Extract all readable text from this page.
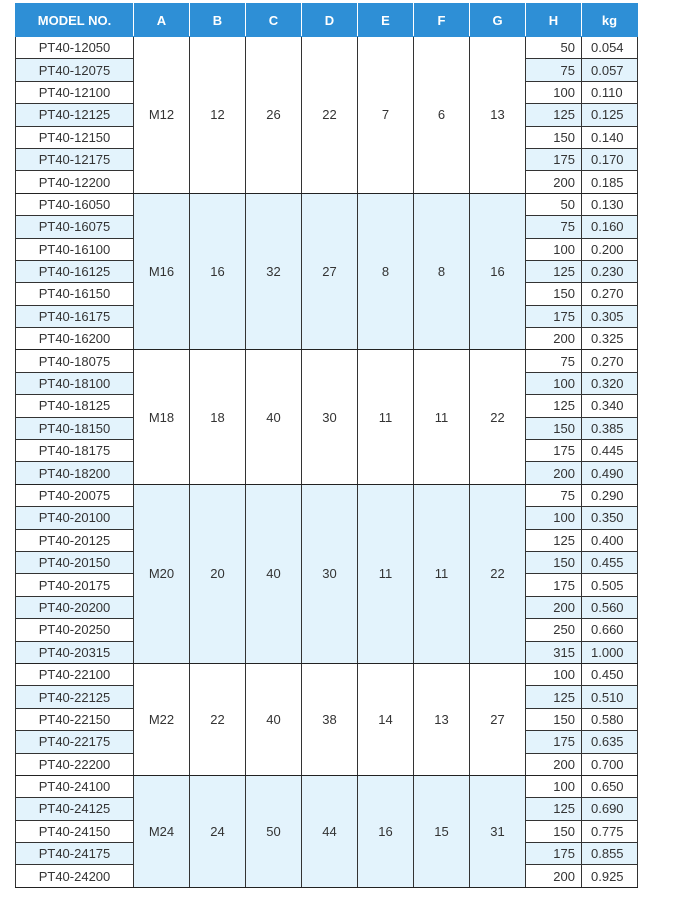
MODEL NO.	A	B	C	D	E	F	G	H	kg
PT40-12050	M12	12	26	22	7	6	13	50	0.054
PT40-12075								75	0.057
PT40-12100								100	0.110
PT40-12125								125	0.125
PT40-12150								150	0.140
PT40-12175								175	0.170
PT40-12200								200	0.185
PT40-16050	M16	16	32	27	8	8	16	50	0.130
PT40-16075								75	0.160
PT40-16100								100	0.200
PT40-16125								125	0.230
PT40-16150								150	0.270
PT40-16175								175	0.305
PT40-16200								200	0.325
PT40-18075	M18	18	40	30	11	11	22	75	0.270
PT40-18100								100	0.320
PT40-18125								125	0.340
PT40-18150								150	0.385
PT40-18175								175	0.445
PT40-18200								200	0.490
PT40-20075	M20	20	40	30	11	11	22	75	0.290
PT40-20100								100	0.350
PT40-20125								125	0.400
PT40-20150								150	0.455
PT40-20175								175	0.505
PT40-20200								200	0.560
PT40-20250								250	0.660
PT40-20315								315	1.000
PT40-22100	M22	22	40	38	14	13	27	100	0.450
PT40-22125								125	0.510
PT40-22150								150	0.580
PT40-22175								175	0.635
PT40-22200								200	0.700
PT40-24100	M24	24	50	44	16	15	31	100	0.650
PT40-24125								125	0.690
PT40-24150								150	0.775
PT40-24175								175	0.855
PT40-24200								200	0.925
